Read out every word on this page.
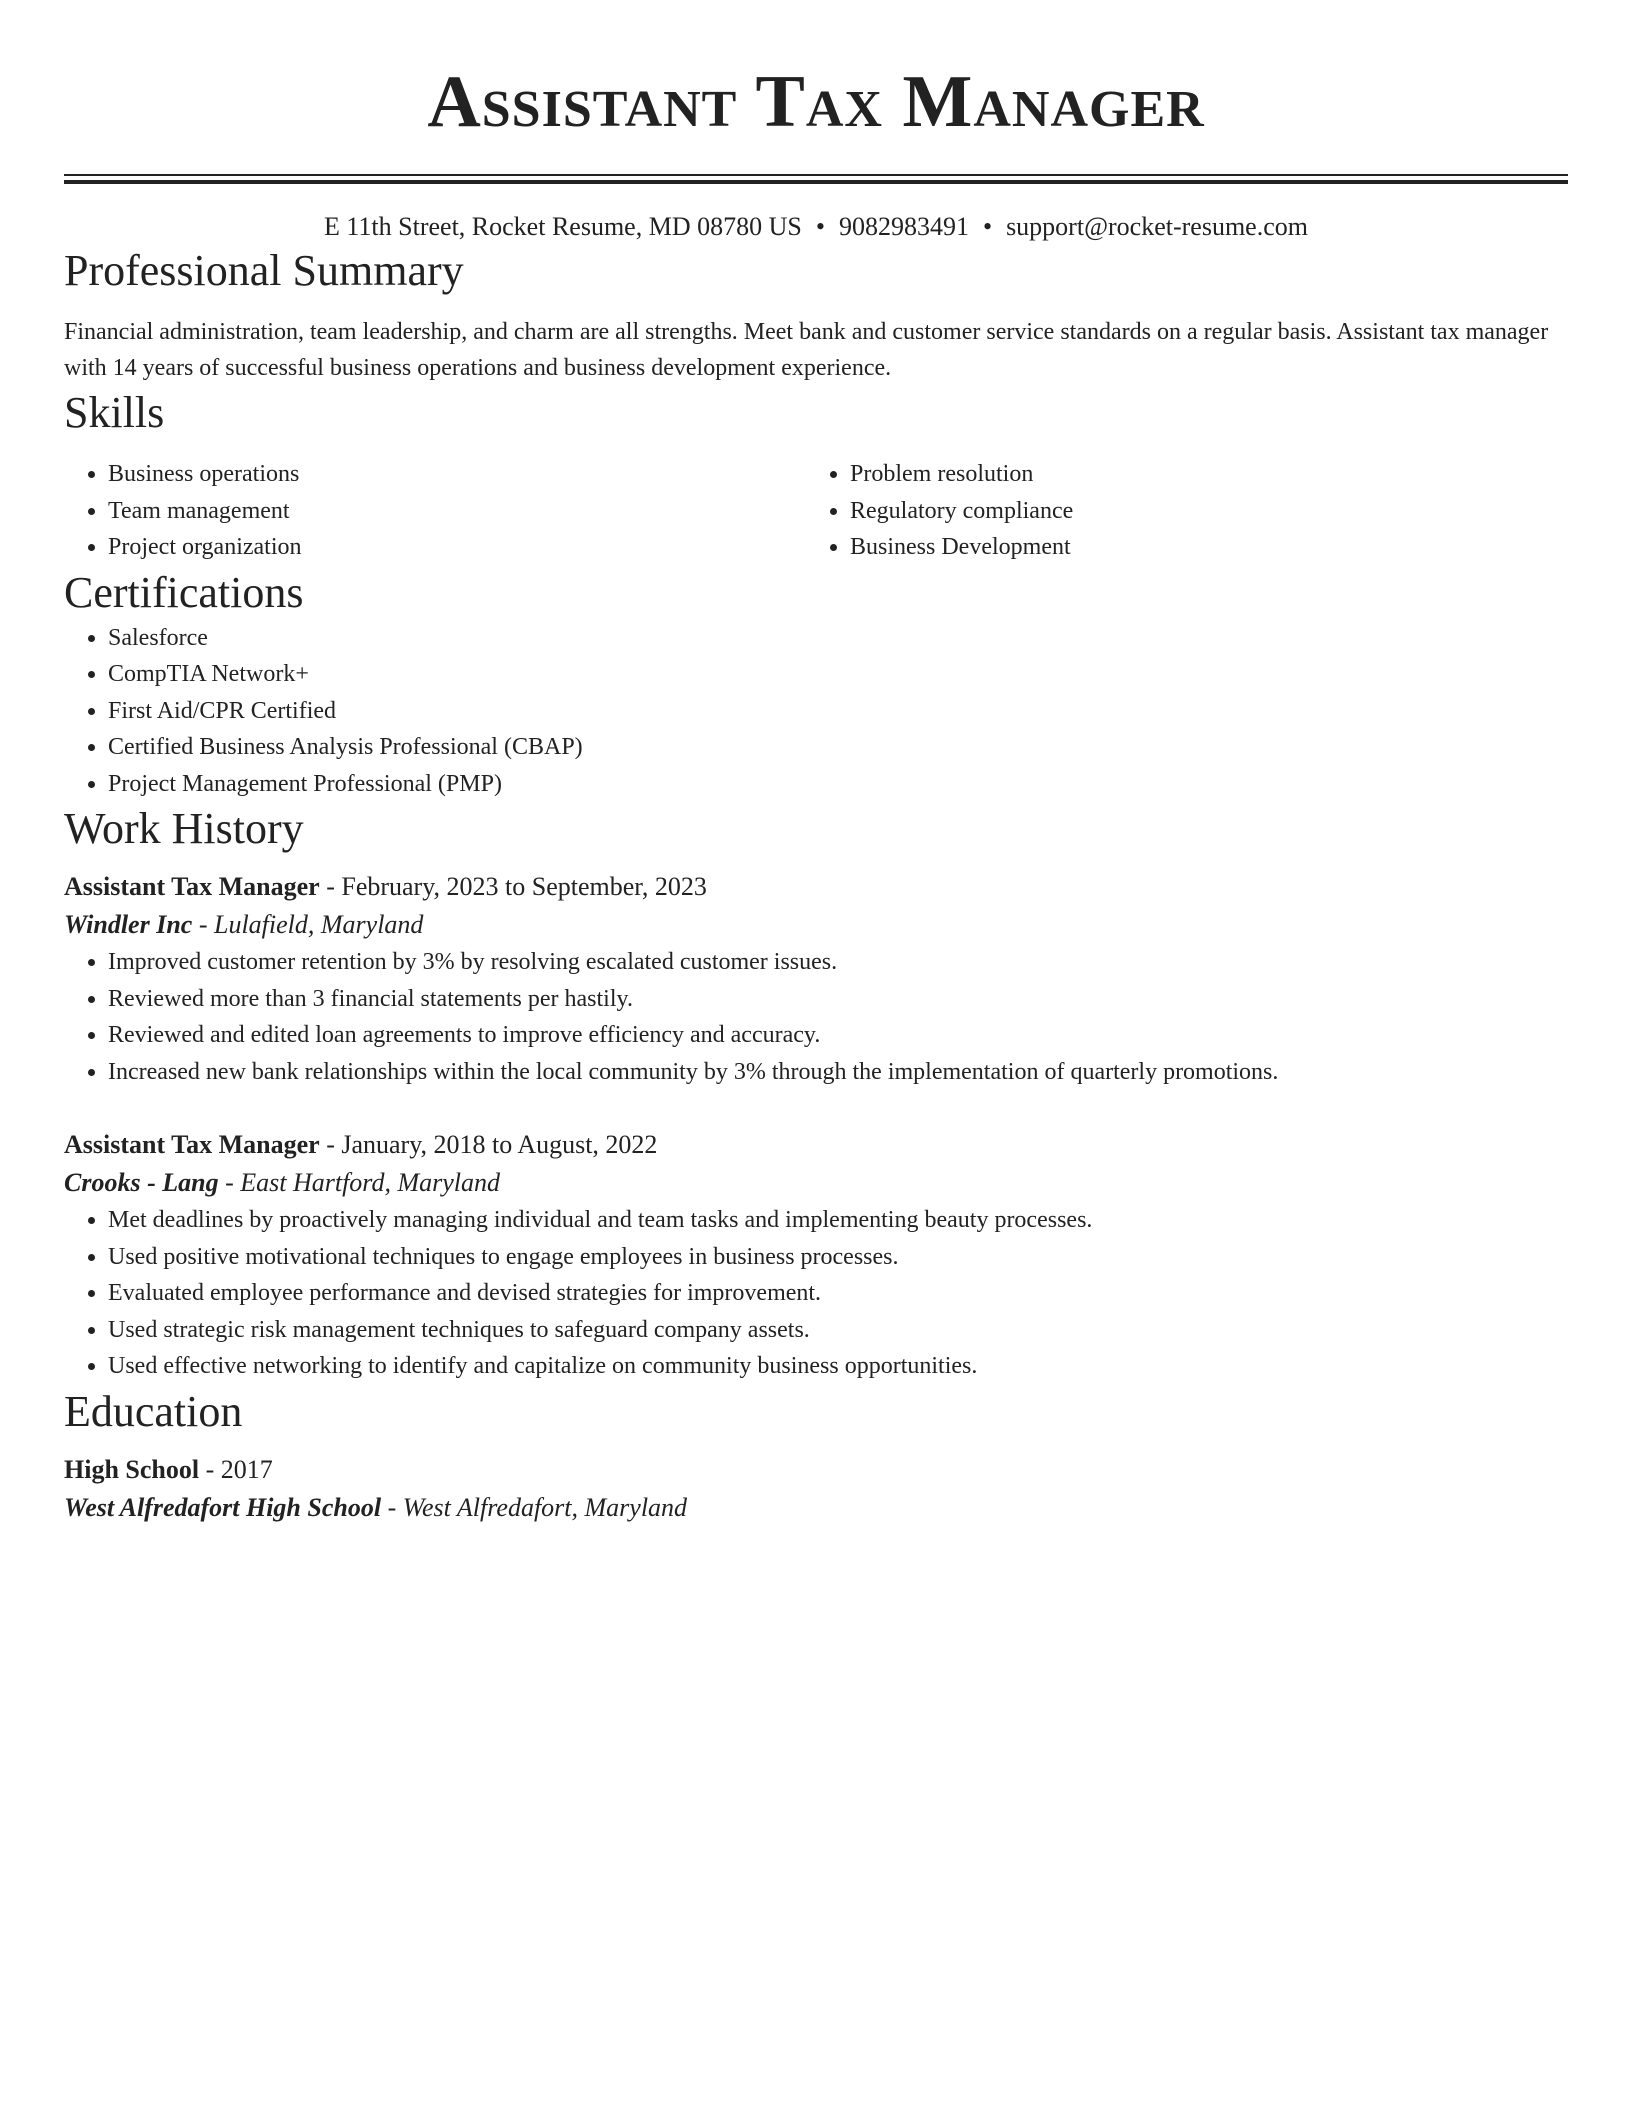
Assistant Tax Manager
E 11th Street, Rocket Resume, MD 08780 US • 9082983491 • support@rocket-resume.com
Professional Summary
Financial administration, team leadership, and charm are all strengths. Meet bank and customer service standards on a regular basis. Assistant tax manager with 14 years of successful business operations and business development experience.
Skills
• Business operations
• Team management
• Project organization
• Problem resolution
• Regulatory compliance
• Business Development
Certifications
• Salesforce
• CompTIA Network+
• First Aid/CPR Certified
• Certified Business Analysis Professional (CBAP)
• Project Management Professional (PMP)
Work History
Assistant Tax Manager - February, 2023 to September, 2023
Windler Inc - Lulafield, Maryland
• Improved customer retention by 3% by resolving escalated customer issues.
• Reviewed more than 3 financial statements per hastily.
• Reviewed and edited loan agreements to improve efficiency and accuracy.
• Increased new bank relationships within the local community by 3% through the implementation of quarterly promotions.
Assistant Tax Manager - January, 2018 to August, 2022
Crooks - Lang - East Hartford, Maryland
• Met deadlines by proactively managing individual and team tasks and implementing beauty processes.
• Used positive motivational techniques to engage employees in business processes.
• Evaluated employee performance and devised strategies for improvement.
• Used strategic risk management techniques to safeguard company assets.
• Used effective networking to identify and capitalize on community business opportunities.
Education
High School - 2017
West Alfredafort High School - West Alfredafort, Maryland
